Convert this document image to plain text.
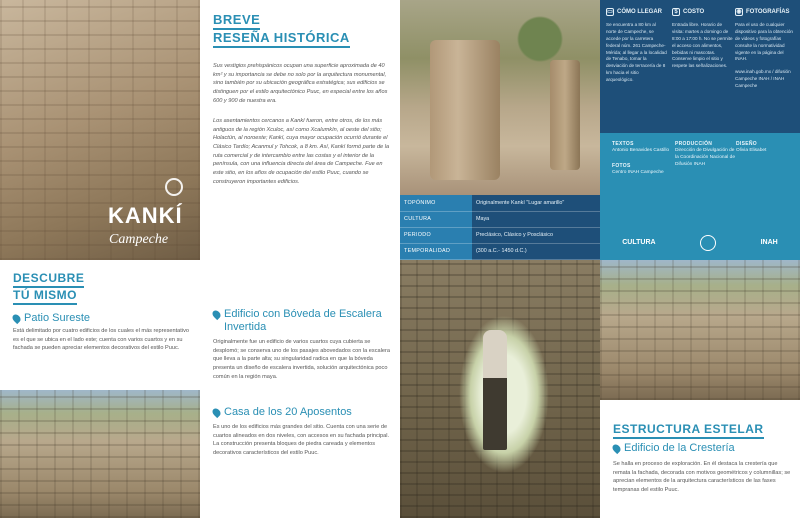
KANKÍ
Campeche
BREVE
RESEÑA HISTÓRICA

Sus vestigios prehispánicos ocupan una superficie aproximada de 40 km² y su importancia se debe no solo por la arquitectura monumental, sino también por su ubicación geográfica estratégica; sus edificios se distinguen por el estilo arquitectónico Puuc, en especial entre los años 600 y 900 de nuestra era.

Los asentamientos cercanos a Kankí fueron, entre otros, de los más antiguos de la región Xculoc, así como Xcalumkín, al oeste del sitio; Holactún, al noroeste; Kankí, cuya mayor ocupación ocurrió durante el Clásico Tardío; Acanmul y Tohcok, a 8 km. Así, Kankí formó parte de la ruta comercial y de intercambio entre las costas y el interior de la península, con una influencia directa del área de Campeche. Fue en este sitio, en los años de ocupación del estilo Puuc, cuando se construyeron importantes edificios.

TOPÓNIMO	Originalmente Kankí "Lugar amarillo"
CULTURA	Maya
PERIODO	Preclásico, Clásico y Posclásico
TEMPORALIDAD	(300 a.C.- 1450 d.C.)
▭ CÓMO LLEGAR
Se encuentra a 80 km al norte de Campeche, se accede por la carretera federal núm. 261 Campeche-Mérida; al llegar a la localidad de Tenabo, tomar la desviación de terracería de 8 km hacia el sitio arqueológico.
$ COSTO
Entrada libre. Horario de visita: martes a domingo de 8:00 a 17:00 h. No se permite el acceso con alimentos, bebidas ni mascotas. Conserve limpio el sitio y respete las señalizaciones.
◉ FOTOGRAFÍAS
Para el uso de cualquier dispositivo para la obtención de videos y fotografías consulte la normatividad vigente en la página del INAH.
www.inah.gob.mx / difusión Campeche INAH / INAH Campeche
TEXTOS
Antonio Benavides Castillo
PRODUCCIÓN
Dirección de Divulgación de la Coordinación Nacional de Difusión INAH
DISEÑO
Olivia Elisabet
FOTOS
Centro INAH Campeche
CULTURA	INAH
DESCUBRE
TÚ MISMO
Patio Sureste

Está delimitado por cuatro edificios de los cuales el más representativo es el que se ubica en el lado este; cuenta con varios cuartos y en su fachada se pueden apreciar elementos decorativos del estilo Puuc.

Edificio con Bóveda de Escalera Invertida

Originalmente fue un edificio de varios cuartos cuya cubierta se desplomó; se conserva uno de los pasajes abovedados con la escalera que lleva a la parte alta; su singularidad radica en que la bóveda presenta un diseño de escalera invertida, solución arquitectónica poco común en la región maya.

Casa de los 20 Aposentos

Es uno de los edificios más grandes del sitio. Cuenta con una serie de cuartos alineados en dos niveles, con accesos en su fachada principal. La construcción presenta bloques de piedra careada y elementos decorativos característicos del estilo Puuc.

ESTRUCTURA ESTELAR
Edificio de la Crestería

Se halla en proceso de exploración. En él destaca la crestería que remata la fachada, decorada con motivos geométricos y columnillas; se aprecian elementos de la arquitectura característicos de las fases tempranas del estilo Puuc.
